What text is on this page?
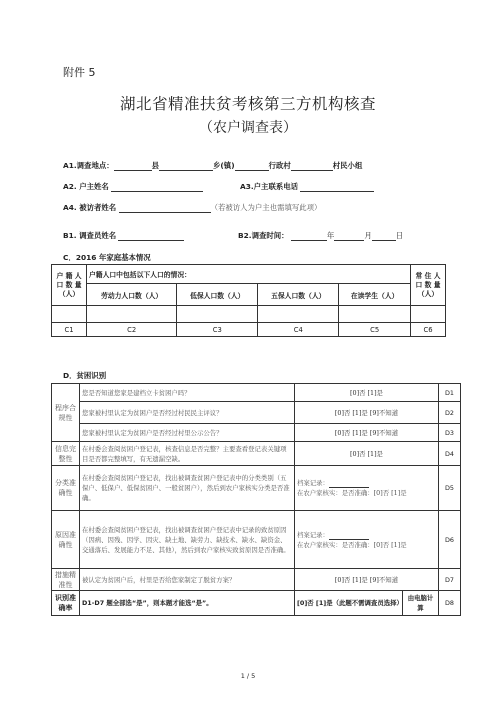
附件 5
湖北省精准扶贫考核第三方机构核查
（农户调查表）
A1.调查地点：	县	乡(镇)	行政村	村民小组
A2. 户主姓名	A3.户主联系电话
A4. 被访者姓名	（若被访人为户主也需填写此项）
B1. 调查员姓名	B2.调查时间：	年	月	日
C．2016 年家庭基本情况
户 籍 人 口 数 量（人）	户籍人口中包括以下人口的情况：				常 住 人 口 数 量（人）
	劳动力人口数（人）	低保人口数（人）	五保人口数（人）	在读学生（人）	

C1	C2	C3	C4	C5	C6
D．贫困识别
程序合规性	您是否知道您家是建档立卡贫困户吗？	[0]否 [1]是		D1
	您家被村里认定为贫困户是否经过村民民主评议？	[0]否 [1]是 [9]不知道		D2
	您家被村里认定为贫困户是否经过村里公示公告？	[0]否 [1]是 [9]不知道		D3
信息完整性	在村委会查阅贫困户登记表，核查信息是否完整？主要查看登记表关键项目是否都完整填写，有无遗漏空缺。	[0]否 [1]是		D4
分类准确性	在村委会查阅贫困户登记表，找出被调查贫困户登记表中的分类类别（五保户、低保户、低保贫困户、一般贫困户），然后到农户家核实分类是否准确。	档案记录：
在农户家核实：是否准确：[0]否 [1]是		D5
原因准确性	在村委会查阅贫困户登记表，找出被调查贫困户登记表中记录的致贫原因（因病、因残、因学、因灾、缺土地、缺劳力、缺技术、缺水、缺资金、交通落后、发展能力不足、其他），然后到农户家核实致贫原因是否准确。	档案记录：
在农户家核实：是否准确：[0]否 [1]是		D6
措施精准性	被认定为贫困户后，村里是否给您家制定了脱贫方案？	[0]否 [1]是 [9]不知道		D7
识别准确率	D1-D7 题全部选“是”，则本题才能选“是”。	[0]否 [1]是（此题不需调查员选择）	由电脑计算	D8
1 / 5
